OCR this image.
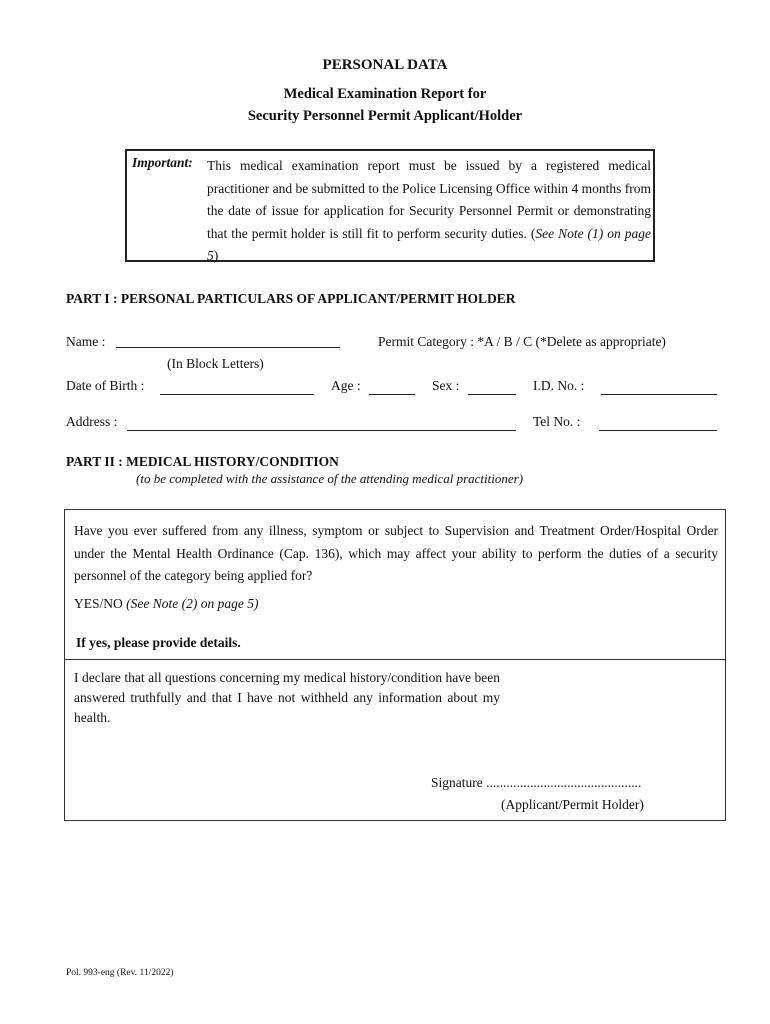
PERSONAL DATA
Medical Examination Report for
Security Personnel Permit Applicant/Holder
Important: This medical examination report must be issued by a registered medical practitioner and be submitted to the Police Licensing Office within 4 months from the date of issue for application for Security Personnel Permit or demonstrating that the permit holder is still fit to perform security duties. (See Note (1) on page 5)
PART I : PERSONAL PARTICULARS OF APPLICANT/PERMIT HOLDER
Name :	Permit Category : *A / B / C (*Delete as appropriate)
(In Block Letters)
Date of Birth :	Age :	Sex :	I.D. No. :
Address :	Tel No. :
PART II : MEDICAL HISTORY/CONDITION
(to be completed with the assistance of the attending medical practitioner)
Have you ever suffered from any illness, symptom or subject to Supervision and Treatment Order/Hospital Order under the Mental Health Ordinance (Cap. 136), which may affect your ability to perform the duties of a security personnel of the category being applied for?
YES/NO (See Note (2) on page 5)
If yes, please provide details.
I declare that all questions concerning my medical history/condition have been answered truthfully and that I have not withheld any information about my health.
Signature ..............................................
(Applicant/Permit Holder)
Pol. 993-eng (Rev. 11/2022)
